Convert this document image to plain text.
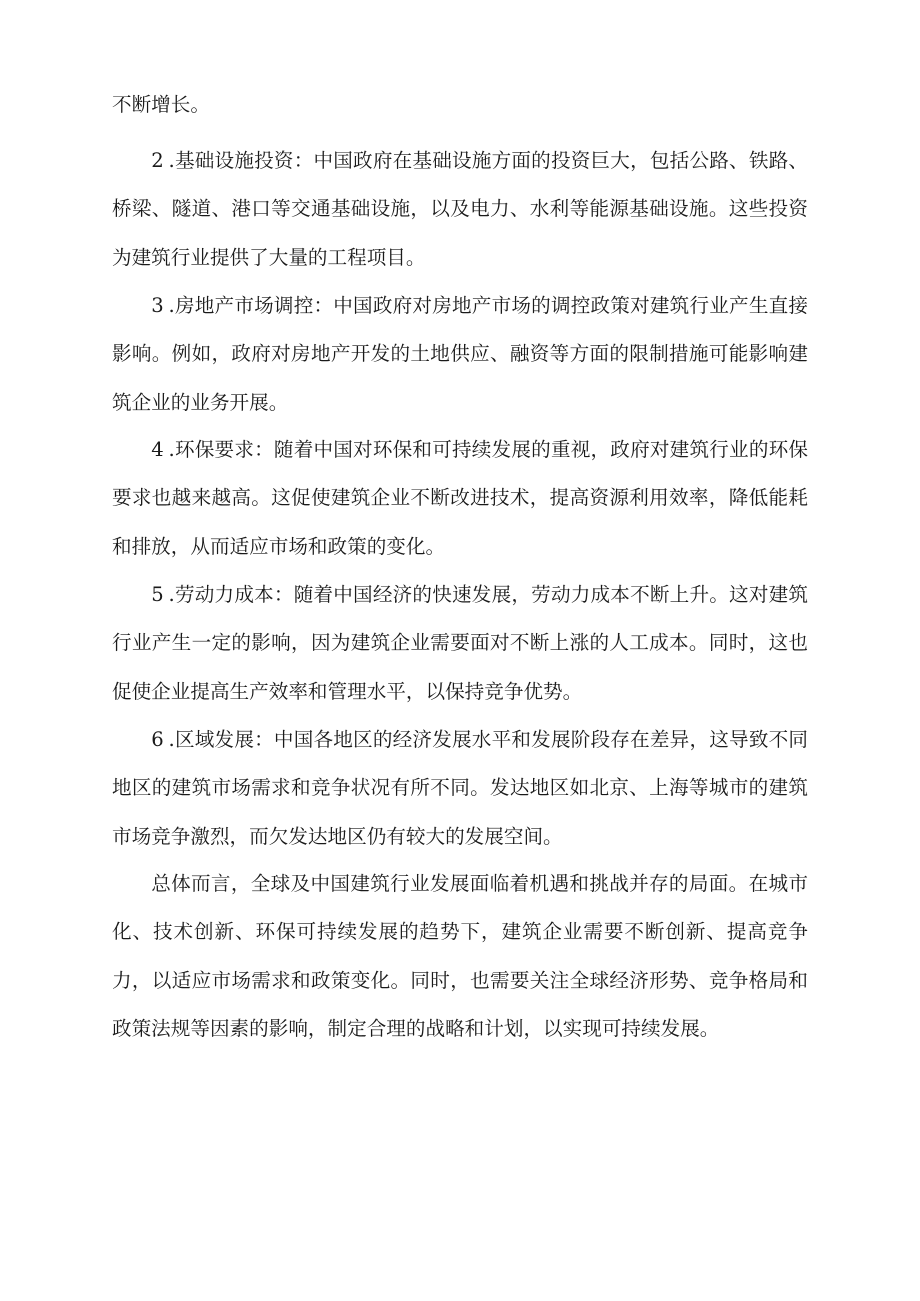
不断增长。

2 .基础设施投资：中国政府在基础设施方面的投资巨大，包括公路、铁路、桥梁、隧道、港口等交通基础设施，以及电力、水利等能源基础设施。这些投资为建筑行业提供了大量的工程项目。

3 .房地产市场调控：中国政府对房地产市场的调控政策对建筑行业产生直接影响。例如，政府对房地产开发的土地供应、融资等方面的限制措施可能影响建筑企业的业务开展。

4 .环保要求：随着中国对环保和可持续发展的重视，政府对建筑行业的环保要求也越来越高。这促使建筑企业不断改进技术，提高资源利用效率，降低能耗和排放，从而适应市场和政策的变化。

5 .劳动力成本：随着中国经济的快速发展，劳动力成本不断上升。这对建筑行业产生一定的影响，因为建筑企业需要面对不断上涨的人工成本。同时，这也促使企业提高生产效率和管理水平，以保持竞争优势。

6 .区域发展：中国各地区的经济发展水平和发展阶段存在差异，这导致不同地区的建筑市场需求和竞争状况有所不同。发达地区如北京、上海等城市的建筑市场竞争激烈，而欠发达地区仍有较大的发展空间。

总体而言，全球及中国建筑行业发展面临着机遇和挑战并存的局面。在城市化、技术创新、环保可持续发展的趋势下，建筑企业需要不断创新、提高竞争力，以适应市场需求和政策变化。同时，也需要关注全球经济形势、竞争格局和政策法规等因素的影响，制定合理的战略和计划，以实现可持续发展。
